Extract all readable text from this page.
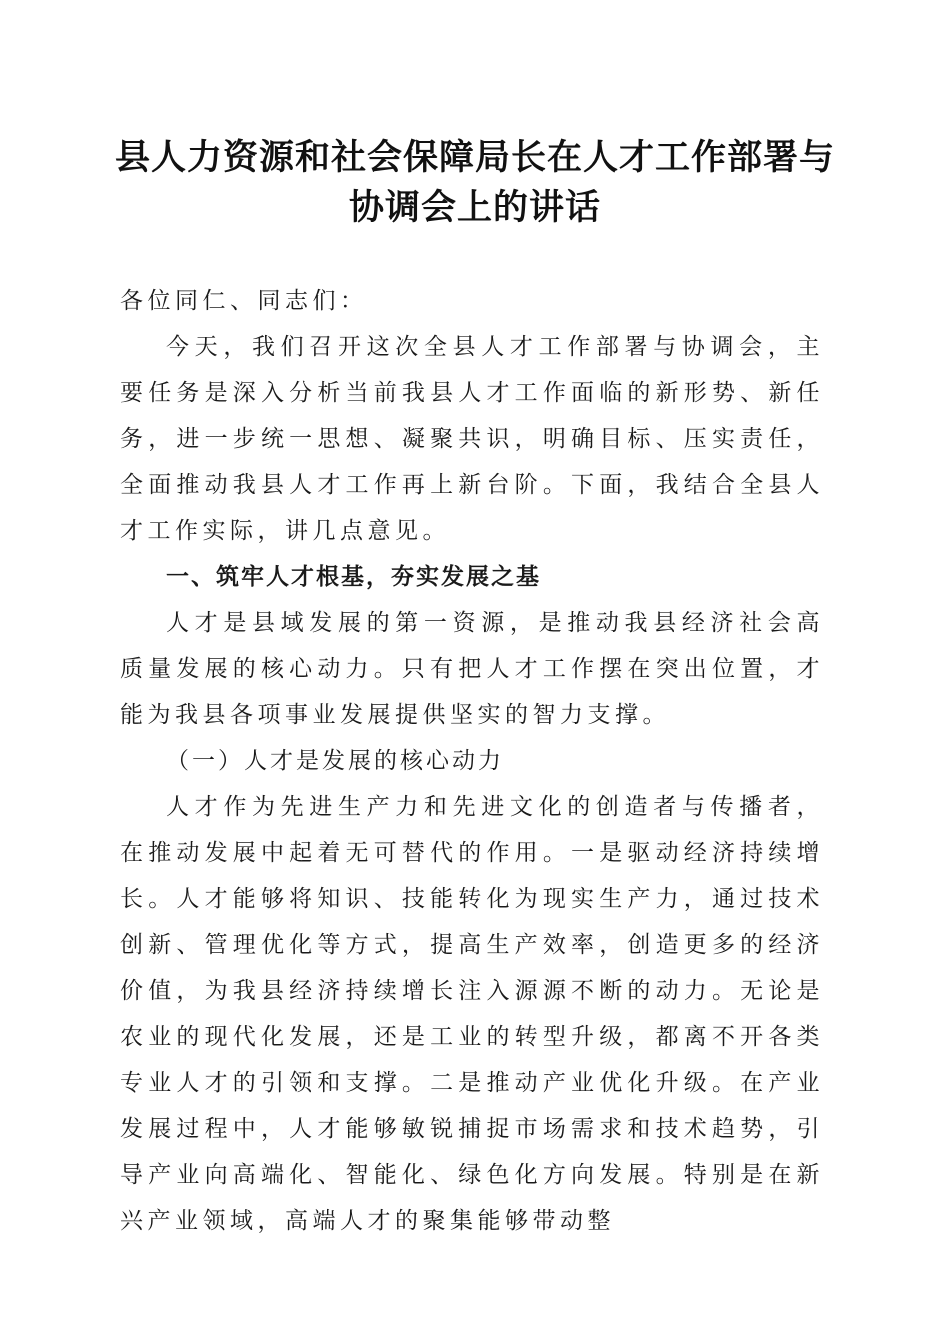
县人力资源和社会保障局长在人才工作部署与
协调会上的讲话

各位同仁、同志们：

今天，我们召开这次全县人才工作部署与协调会，主要任务是深入分析当前我县人才工作面临的新形势、新任务，进一步统一思想、凝聚共识，明确目标、压实责任，全面推动我县人才工作再上新台阶。下面，我结合全县人才工作实际，讲几点意见。

一、筑牢人才根基，夯实发展之基

人才是县域发展的第一资源，是推动我县经济社会高质量发展的核心动力。只有把人才工作摆在突出位置，才能为我县各项事业发展提供坚实的智力支撑。

（一）人才是发展的核心动力

人才作为先进生产力和先进文化的创造者与传播者，在推动发展中起着无可替代的作用。一是驱动经济持续增长。人才能够将知识、技能转化为现实生产力，通过技术创新、管理优化等方式，提高生产效率，创造更多的经济价值，为我县经济持续增长注入源源不断的动力。无论是农业的现代化发展，还是工业的转型升级，都离不开各类专业人才的引领和支撑。二是推动产业优化升级。在产业发展过程中，人才能够敏锐捕捉市场需求和技术趋势，引导产业向高端化、智能化、绿色化方向发展。特别是在新兴产业领域，高端人才的聚集能够带动整
